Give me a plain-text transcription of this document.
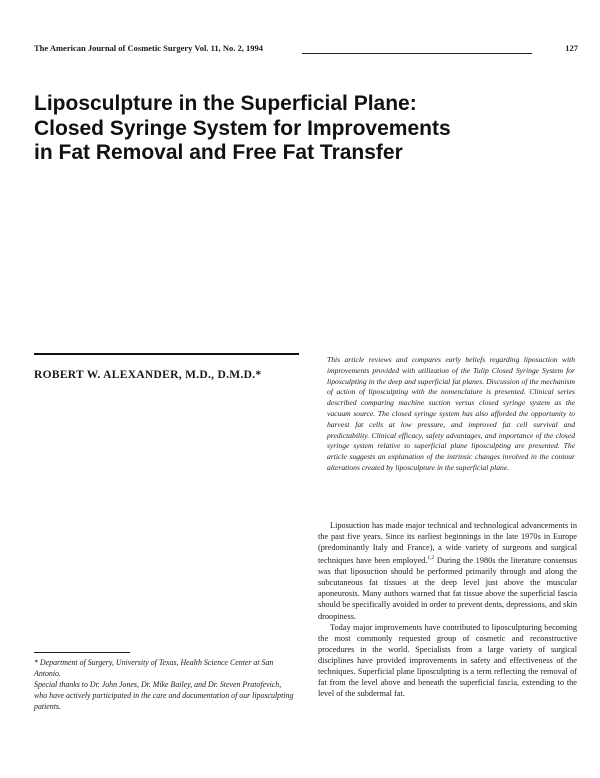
The American Journal of Cosmetic Surgery Vol. 11, No. 2, 1994	127
Liposculpture in the Superficial Plane:
Closed Syringe System for Improvements
in Fat Removal and Free Fat Transfer
ROBERT W. ALEXANDER, M.D., D.M.D.*
This article reviews and compares early beliefs regarding liposuction with improvements provided with utilization of the Tulip Closed Syringe System for liposculpting in the deep and superficial fat planes. Discussion of the mechanism of action of liposculpting with the nomenclature is presented. Clinical series described comparing machine suction versus closed syringe system as the vacuum source. The closed syringe system has also afforded the opportunity to harvest fat cells at low pressure, and improved fat cell survival and predictability. Clinical efficacy, safety advantages, and importance of the closed syringe system relative to superficial plane liposculpting are presented. The article suggests an explanation of the intrinsic changes involved in the contour alterations created by liposculpture in the superficial plane.

Liposuction has made major technical and technological advancements in the past five years. Since its earliest beginnings in the late 1970s in Europe (predominantly Italy and France), a wide variety of surgeons and surgical techniques have been employed.$^{1,2}$ During the 1980s the literature consensus was that liposuction should be performed primarily through and along the subcutaneous fat tissues at the deep level just above the muscular aponeurosis. Many authors warned that fat tissue above the superficial fascia should be specifically avoided in order to prevent dents, depressions, and skin droopiness.

Today major improvements have contributed to liposculpturing becoming the most commonly requested group of cosmetic and reconstructive procedures in the world. Specialists from a large variety of surgical disciplines have provided improvements in safety and effectiveness of the techniques. Superficial plane liposculpting is a term reflecting the removal of fat from the level above and beneath the superficial fascia, extending to the level of the subdermal fat.

* Department of Surgery, University of Texas, Health Science Center at San Antonio.

Special thanks to Dr. John Jones, Dr. Mike Bailey, and Dr. Steven Pratofevich, who have actively participated in the care and documentation of our liposculpting patients.
